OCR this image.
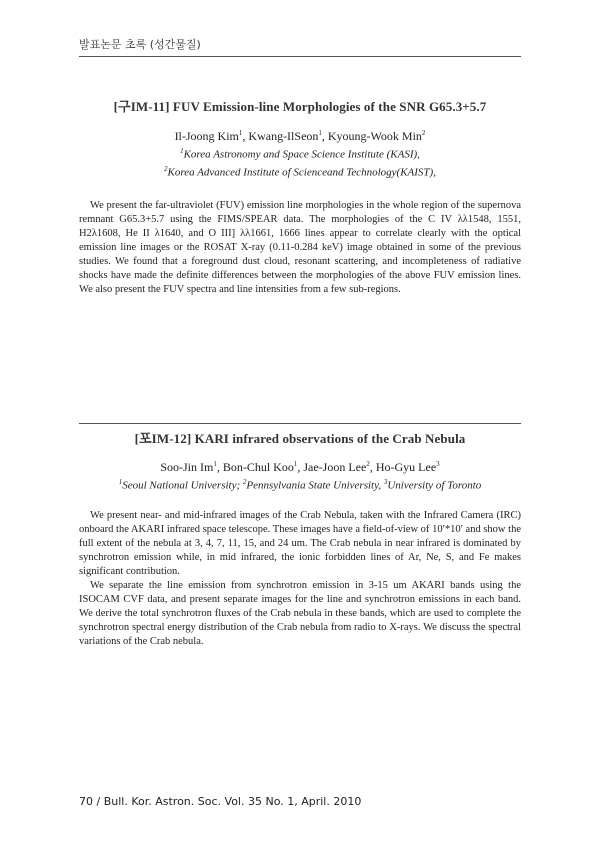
발표논문 초록 (성간물질)
[구IM-11] FUV Emission-line Morphologies of the SNR G65.3+5.7
Il-Joong Kim$^1$, Kwang-IlSeon$^1$, Kyoung-Wook Min$^2$
$^1$Korea Astronomy and Space Science Institute (KASI),
$^2$Korea Advanced Institute of Scienceand Technology(KAIST),

We present the far-ultraviolet (FUV) emission line morphologies in the whole region of the supernova remnant G65.3+5.7 using the FIMS/SPEAR data. The morphologies of the C IV λλ1548, 1551, H2λ1608, He II λ1640, and O III] λλ1661, 1666 lines appear to correlate clearly with the optical emission line images or the ROSAT X-ray (0.11-0.284 keV) image obtained in some of the previous studies. We found that a foreground dust cloud, resonant scattering, and incompleteness of radiative shocks have made the definite differences between the morphologies of the above FUV emission lines. We also present the FUV spectra and line intensities from a few sub-regions.

[포IM-12] KARI infrared observations of the Crab Nebula
Soo-Jin Im$^1$, Bon-Chul Koo$^1$, Jae-Joon Lee$^2$, Ho-Gyu Lee$^3$
$^1$Seoul National University; $^2$Pennsylvania State University, $^3$University of Toronto

We present near- and mid-infrared images of the Crab Nebula, taken with the Infrared Camera (IRC) onboard the AKARI infrared space telescope. These images have a field-of-view of 10′*10′ and show the full extent of the nebula at 3, 4, 7, 11, 15, and 24 um. The Crab nebula in near infrared is dominated by synchrotron emission while, in mid infrared, the ionic forbidden lines of Ar, Ne, S, and Fe makes significant contribution.

We separate the line emission from synchrotron emission in 3-15 um AKARI bands using the ISOCAM CVF data, and present separate images for the line and synchrotron emissions in each band. We derive the total synchrotron fluxes of the Crab nebula in these bands, which are used to complete the synchrotron spectral energy distribution of the Crab nebula from radio to X-rays. We discuss the spectral variations of the Crab nebula.

70 / Bull. Kor. Astron. Soc. Vol. 35 No. 1, April. 2010
